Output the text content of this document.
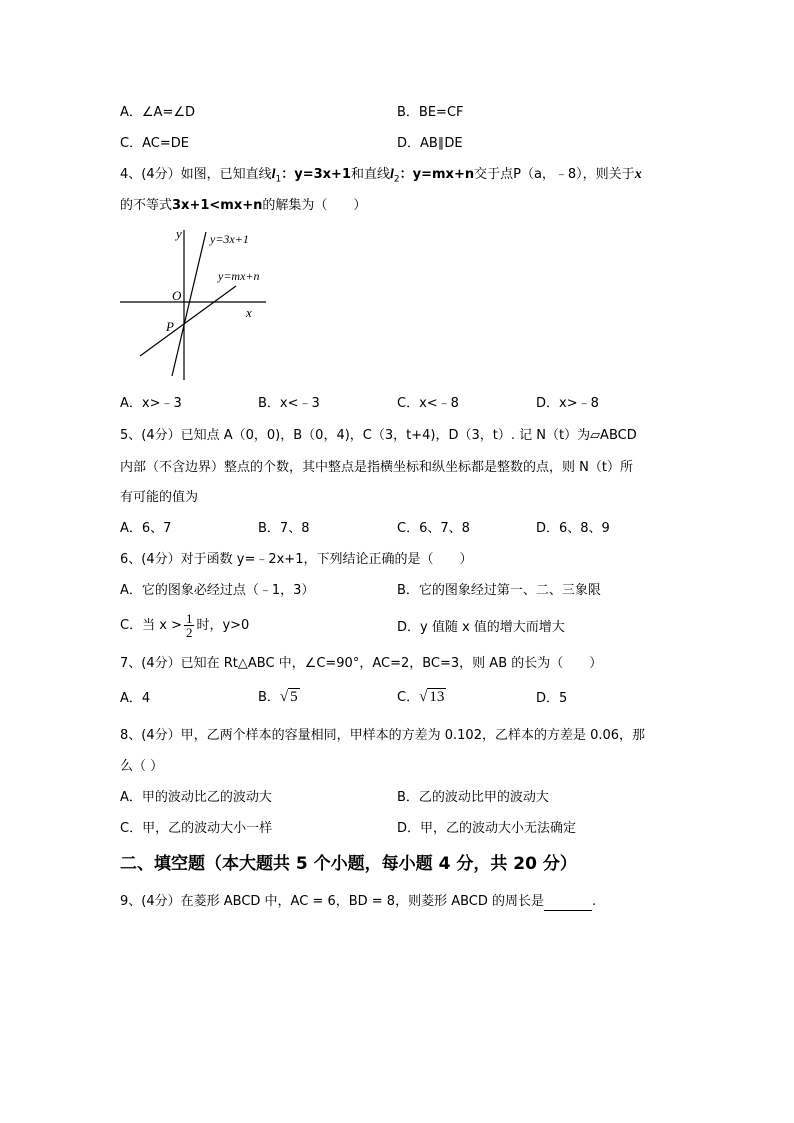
A．∠A=∠D	B．BE=CF
C．AC=DE	D．AB∥DE
4、(4分）如图，已知直线$l_1$：y=3x+1和直线$l_2$：y=mx+n交于点P（a，﹣8），则关于x
的不等式3x+1<mx+n的解集为（　　）
y
x
O
P
y=3x+1
y=mx+n
A．x>﹣3	B．x<﹣3	C．x<﹣8	D．x>﹣8
5、(4分）已知点 A（0，0)，B（0，4)，C（3，t+4)，D（3，t）. 记 N（t）为▱ABCD
内部（不含边界）整点的个数，其中整点是指横坐标和纵坐标都是整数的点，则 N（t）所
有可能的值为
A．6、7	B．7、8	C．6、7、8	D．6、8、9
6、(4分）对于函数 y=﹣2x+1，下列结论正确的是（　　）
A．它的图象必经过点（﹣1，3）	B．它的图象经过第一、二、三象限
C．当 $x > \frac{1}{2}$ 时，y>0	D．y 值随 x 值的增大而增大
7、(4分）已知在 Rt△ABC 中，∠C=90°，AC=2，BC=3，则 AB 的长为（　　）
A．4	B．√ 5	C．√ 13	D．5
8、(4分）甲，乙两个样本的容量相同，甲样本的方差为 0.102，乙样本的方差是 0.06，那
么（ ）
A．甲的波动比乙的波动大	B．乙的波动比甲的波动大
C．甲，乙的波动大小一样	D．甲，乙的波动大小无法确定
二、填空题（本大题共 5 个小题，每小题 4 分，共 20 分）
9、(4分）在菱形 ABCD 中，AC = 6，BD = 8，则菱形 ABCD 的周长是	.
